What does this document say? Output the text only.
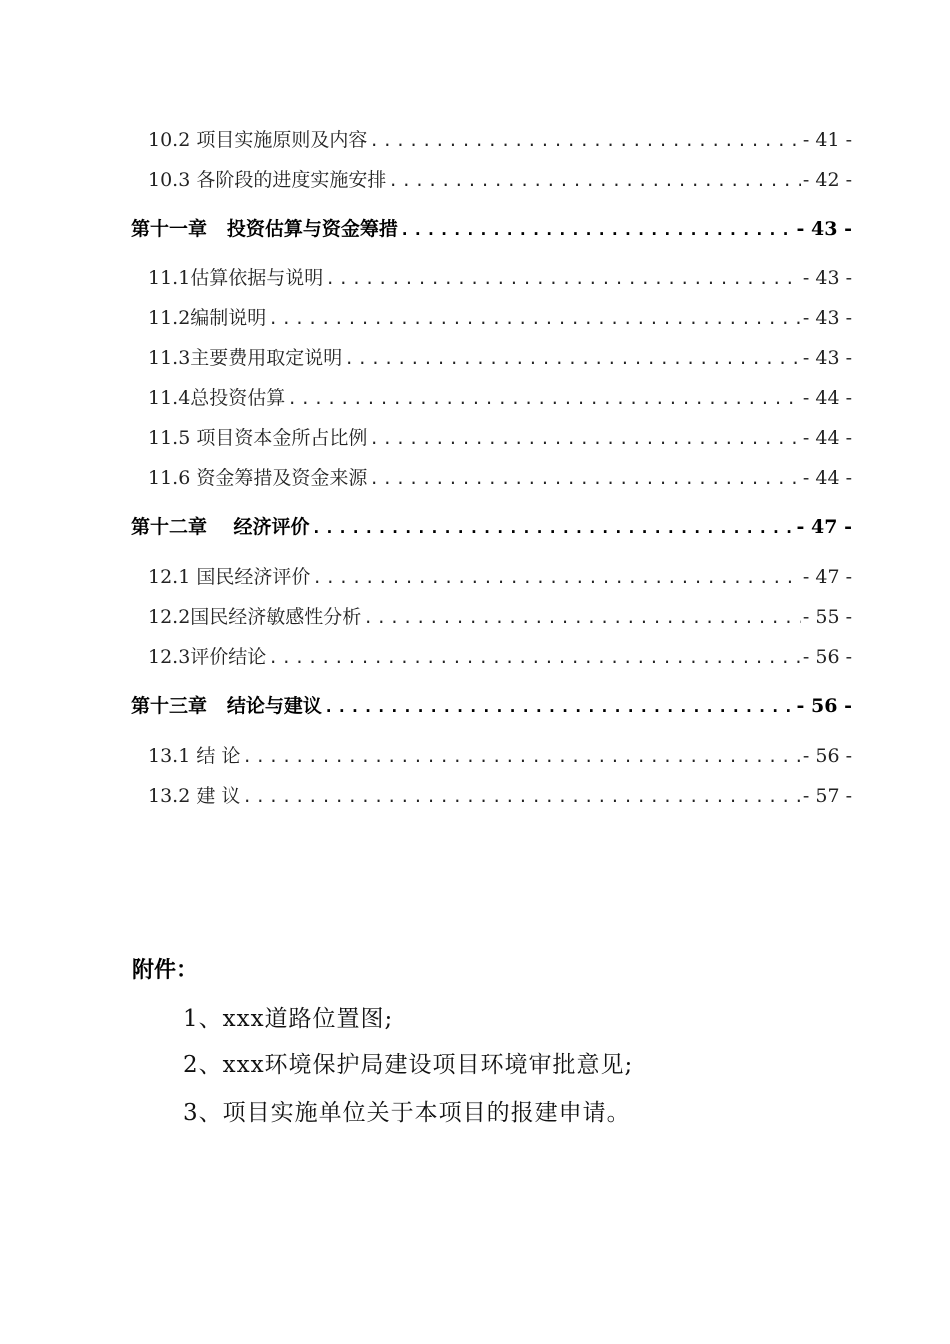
10.2 项目实施原则及内容 .....	- 41 -
10.3 各阶段的进度实施安排 .....	- 42 -
第十一章   投资估算与资金筹措 .....	- 43 -
11.1估算依据与说明 .....	- 43 -
11.2编制说明 .....	- 43 -
11.3主要费用取定说明 .....	- 43 -
11.4总投资估算 .....	- 44 -
11.5 项目资本金所占比例 .....	- 44 -
11.6 资金筹措及资金来源 .....	- 44 -
第十二章    经济评价 .....	- 47 -
12.1 国民经济评价 .....	- 47 -
12.2国民经济敏感性分析 .....	- 55 -
12.3评价结论 .....	- 56 -
第十三章   结论与建议 .....	- 56 -
13.1 结 论 .....	- 56 -
13.2 建 议 .....	- 57 -
附件：
1、xxx道路位置图;
2、xxx环境保护局建设项目环境审批意见;
3、项目实施单位关于本项目的报建申请。
